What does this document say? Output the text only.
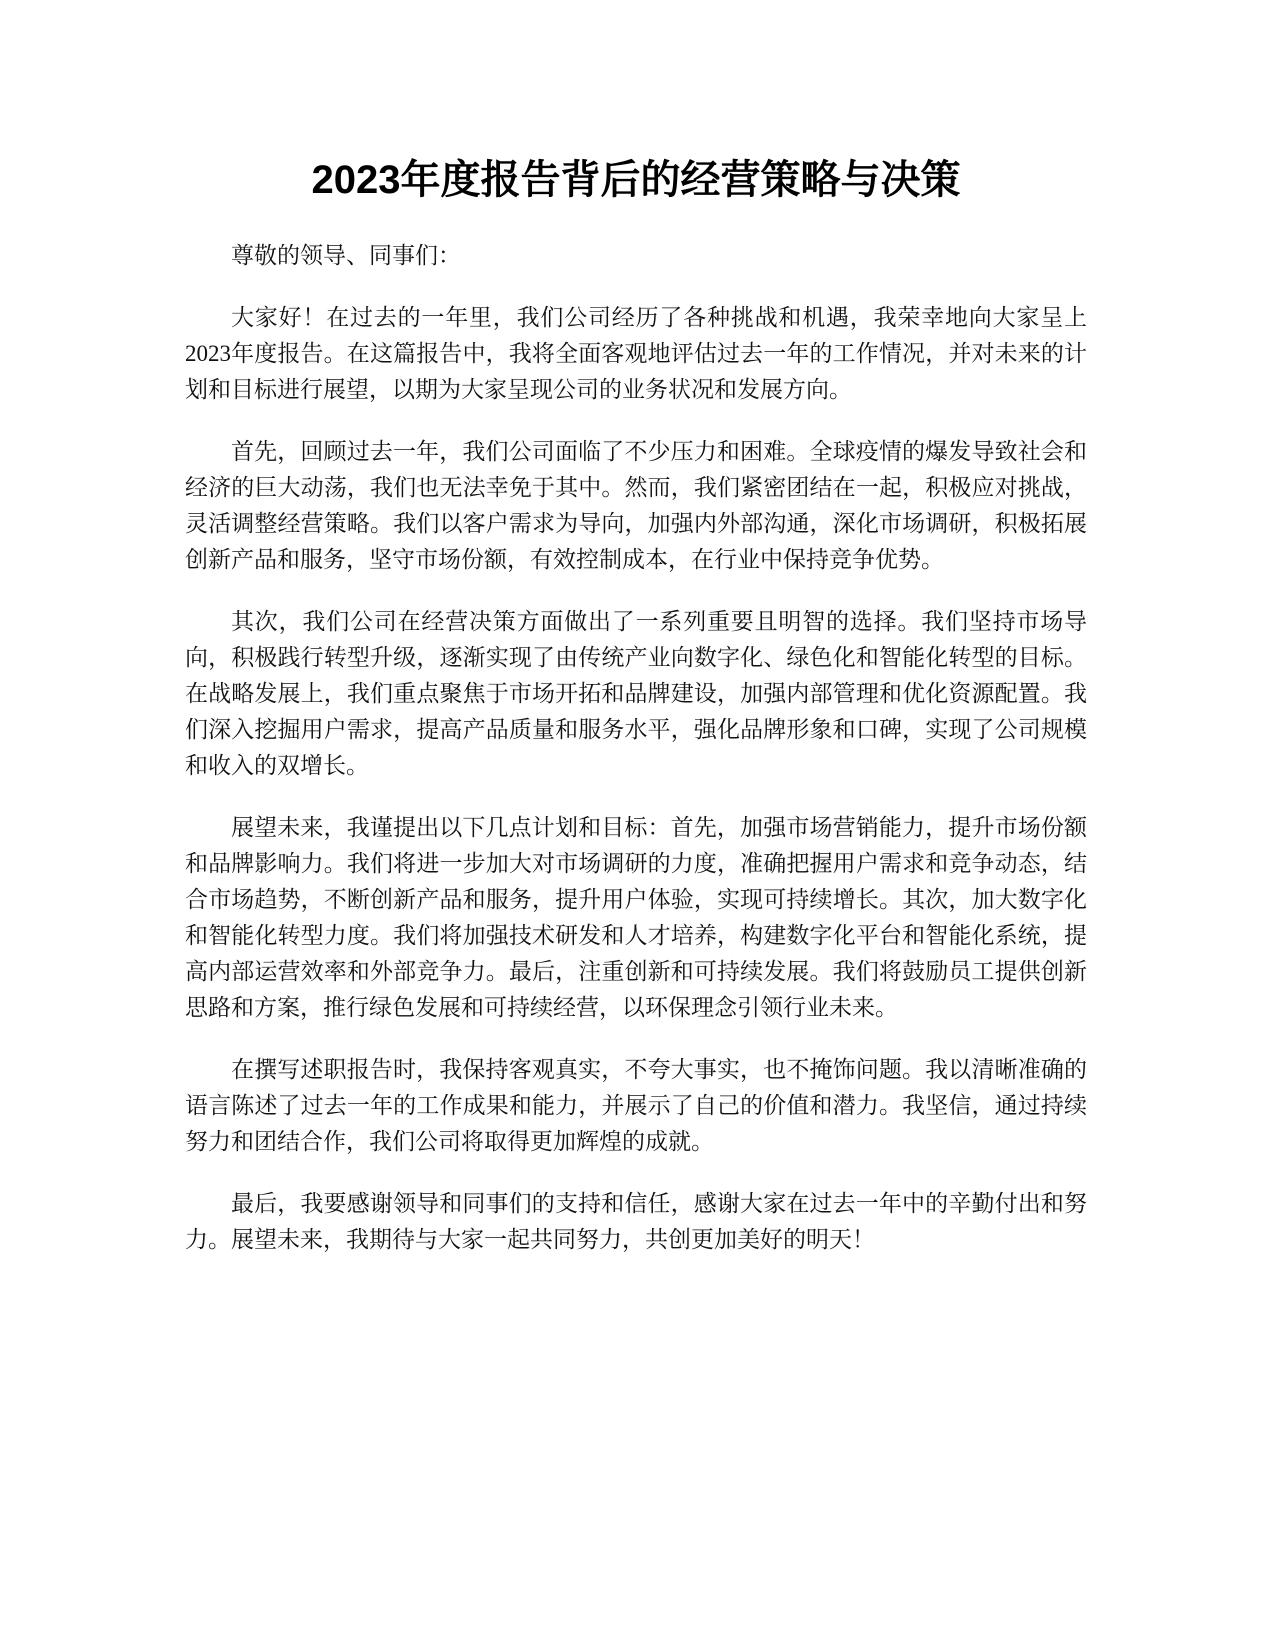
2023年度报告背后的经营策略与决策

尊敬的领导、同事们：

大家好！在过去的一年里，我们公司经历了各种挑战和机遇，我荣幸地向大家呈上2023年度报告。在这篇报告中，我将全面客观地评估过去一年的工作情况，并对未来的计划和目标进行展望，以期为大家呈现公司的业务状况和发展方向。

首先，回顾过去一年，我们公司面临了不少压力和困难。全球疫情的爆发导致社会和经济的巨大动荡，我们也无法幸免于其中。然而，我们紧密团结在一起，积极应对挑战，灵活调整经营策略。我们以客户需求为导向，加强内外部沟通，深化市场调研，积极拓展创新产品和服务，坚守市场份额，有效控制成本，在行业中保持竞争优势。

其次，我们公司在经营决策方面做出了一系列重要且明智的选择。我们坚持市场导向，积极践行转型升级，逐渐实现了由传统产业向数字化、绿色化和智能化转型的目标。在战略发展上，我们重点聚焦于市场开拓和品牌建设，加强内部管理和优化资源配置。我们深入挖掘用户需求，提高产品质量和服务水平，强化品牌形象和口碑，实现了公司规模和收入的双增长。

展望未来，我谨提出以下几点计划和目标：首先，加强市场营销能力，提升市场份额和品牌影响力。我们将进一步加大对市场调研的力度，准确把握用户需求和竞争动态，结合市场趋势，不断创新产品和服务，提升用户体验，实现可持续增长。其次，加大数字化和智能化转型力度。我们将加强技术研发和人才培养，构建数字化平台和智能化系统，提高内部运营效率和外部竞争力。最后，注重创新和可持续发展。我们将鼓励员工提供创新思路和方案，推行绿色发展和可持续经营，以环保理念引领行业未来。

在撰写述职报告时，我保持客观真实，不夸大事实，也不掩饰问题。我以清晰准确的语言陈述了过去一年的工作成果和能力，并展示了自己的价值和潜力。我坚信，通过持续努力和团结合作，我们公司将取得更加辉煌的成就。

最后，我要感谢领导和同事们的支持和信任，感谢大家在过去一年中的辛勤付出和努力。展望未来，我期待与大家一起共同努力，共创更加美好的明天！
